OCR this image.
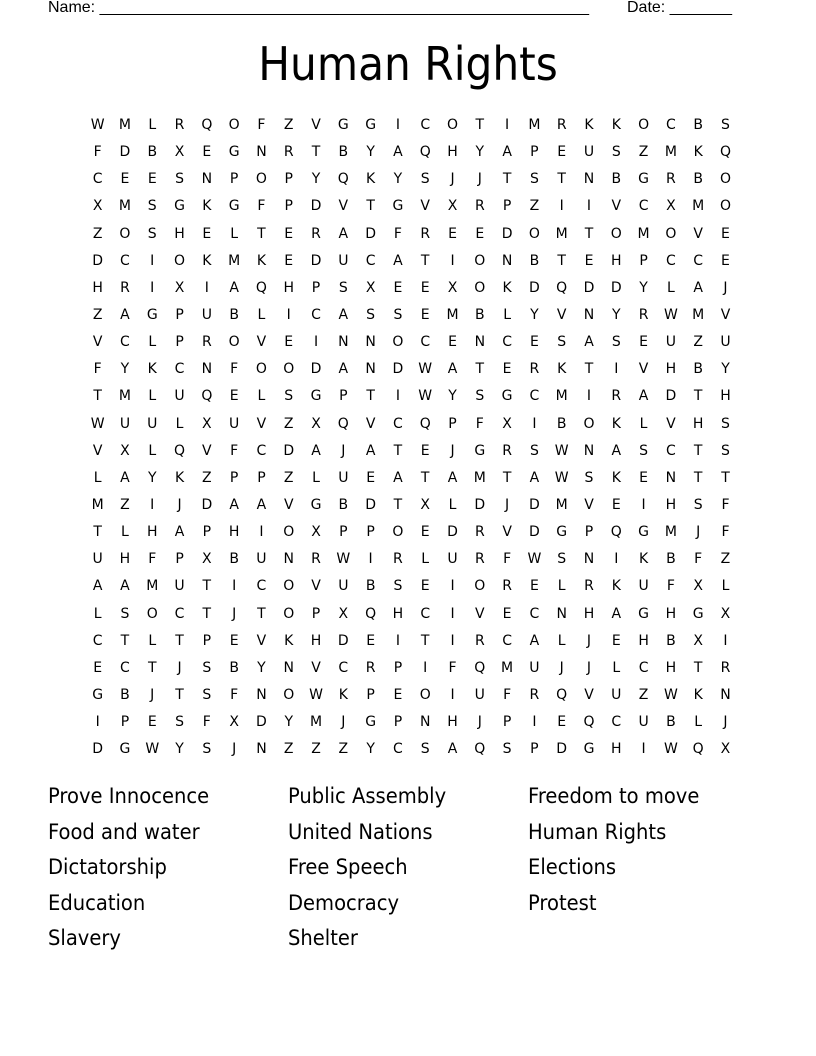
Name: _______________________________________________________ Date: _______
Human Rights
W	M	L	R	Q	O	F	Z	V	G	G	I	C	O	T	I	M	R	K	K	O	C	B	S
F	D	B	X	E	G	N	R	T	B	Y	A	Q	H	Y	A	P	E	U	S	Z	M	K	Q
C	E	E	S	N	P	O	P	Y	Q	K	Y	S	J	J	T	S	T	N	B	G	R	B	O
X	M	S	G	K	G	F	P	D	V	T	G	V	X	R	P	Z	I	I	V	C	X	M	O
Z	O	S	H	E	L	T	E	R	A	D	F	R	E	E	D	O	M	T	O	M	O	V	E
D	C	I	O	K	M	K	E	D	U	C	A	T	I	O	N	B	T	E	H	P	C	C	E
H	R	I	X	I	A	Q	H	P	S	X	E	E	X	O	K	D	Q	D	D	Y	L	A	J
Z	A	G	P	U	B	L	I	C	A	S	S	E	M	B	L	Y	V	N	Y	R	W	M	V
V	C	L	P	R	O	V	E	I	N	N	O	C	E	N	C	E	S	A	S	E	U	Z	U
F	Y	K	C	N	F	O	O	D	A	N	D	W	A	T	E	R	K	T	I	V	H	B	Y
T	M	L	U	Q	E	L	S	G	P	T	I	W	Y	S	G	C	M	I	R	A	D	T	H
W	U	U	L	X	U	V	Z	X	Q	V	C	Q	P	F	X	I	B	O	K	L	V	H	S
V	X	L	Q	V	F	C	D	A	J	A	T	E	J	G	R	S	W	N	A	S	C	T	S
L	A	Y	K	Z	P	P	Z	L	U	E	A	T	A	M	T	A	W	S	K	E	N	T	T
M	Z	I	J	D	A	A	V	G	B	D	T	X	L	D	J	D	M	V	E	I	H	S	F
T	L	H	A	P	H	I	O	X	P	P	O	E	D	R	V	D	G	P	Q	G	M	J	F
U	H	F	P	X	B	U	N	R	W	I	R	L	U	R	F	W	S	N	I	K	B	F	Z
A	A	M	U	T	I	C	O	V	U	B	S	E	I	O	R	E	L	R	K	U	F	X	L
L	S	O	C	T	J	T	O	P	X	Q	H	C	I	V	E	C	N	H	A	G	H	G	X
C	T	L	T	P	E	V	K	H	D	E	I	T	I	R	C	A	L	J	E	H	B	X	I
E	C	T	J	S	B	Y	N	V	C	R	P	I	F	Q	M	U	J	J	L	C	H	T	R
G	B	J	T	S	F	N	O	W	K	P	E	O	I	U	F	R	Q	V	U	Z	W	K	N
I	P	E	S	F	X	D	Y	M	J	G	P	N	H	J	P	I	E	Q	C	U	B	L	J
D	G	W	Y	S	J	N	Z	Z	Z	Y	C	S	A	Q	S	P	D	G	H	I	W	Q	X
Prove Innocence	Public Assembly	Freedom to move
Food and water	United Nations	Human Rights
Dictatorship	Free Speech	Elections
Education	Democracy	Protest
Slavery	Shelter
